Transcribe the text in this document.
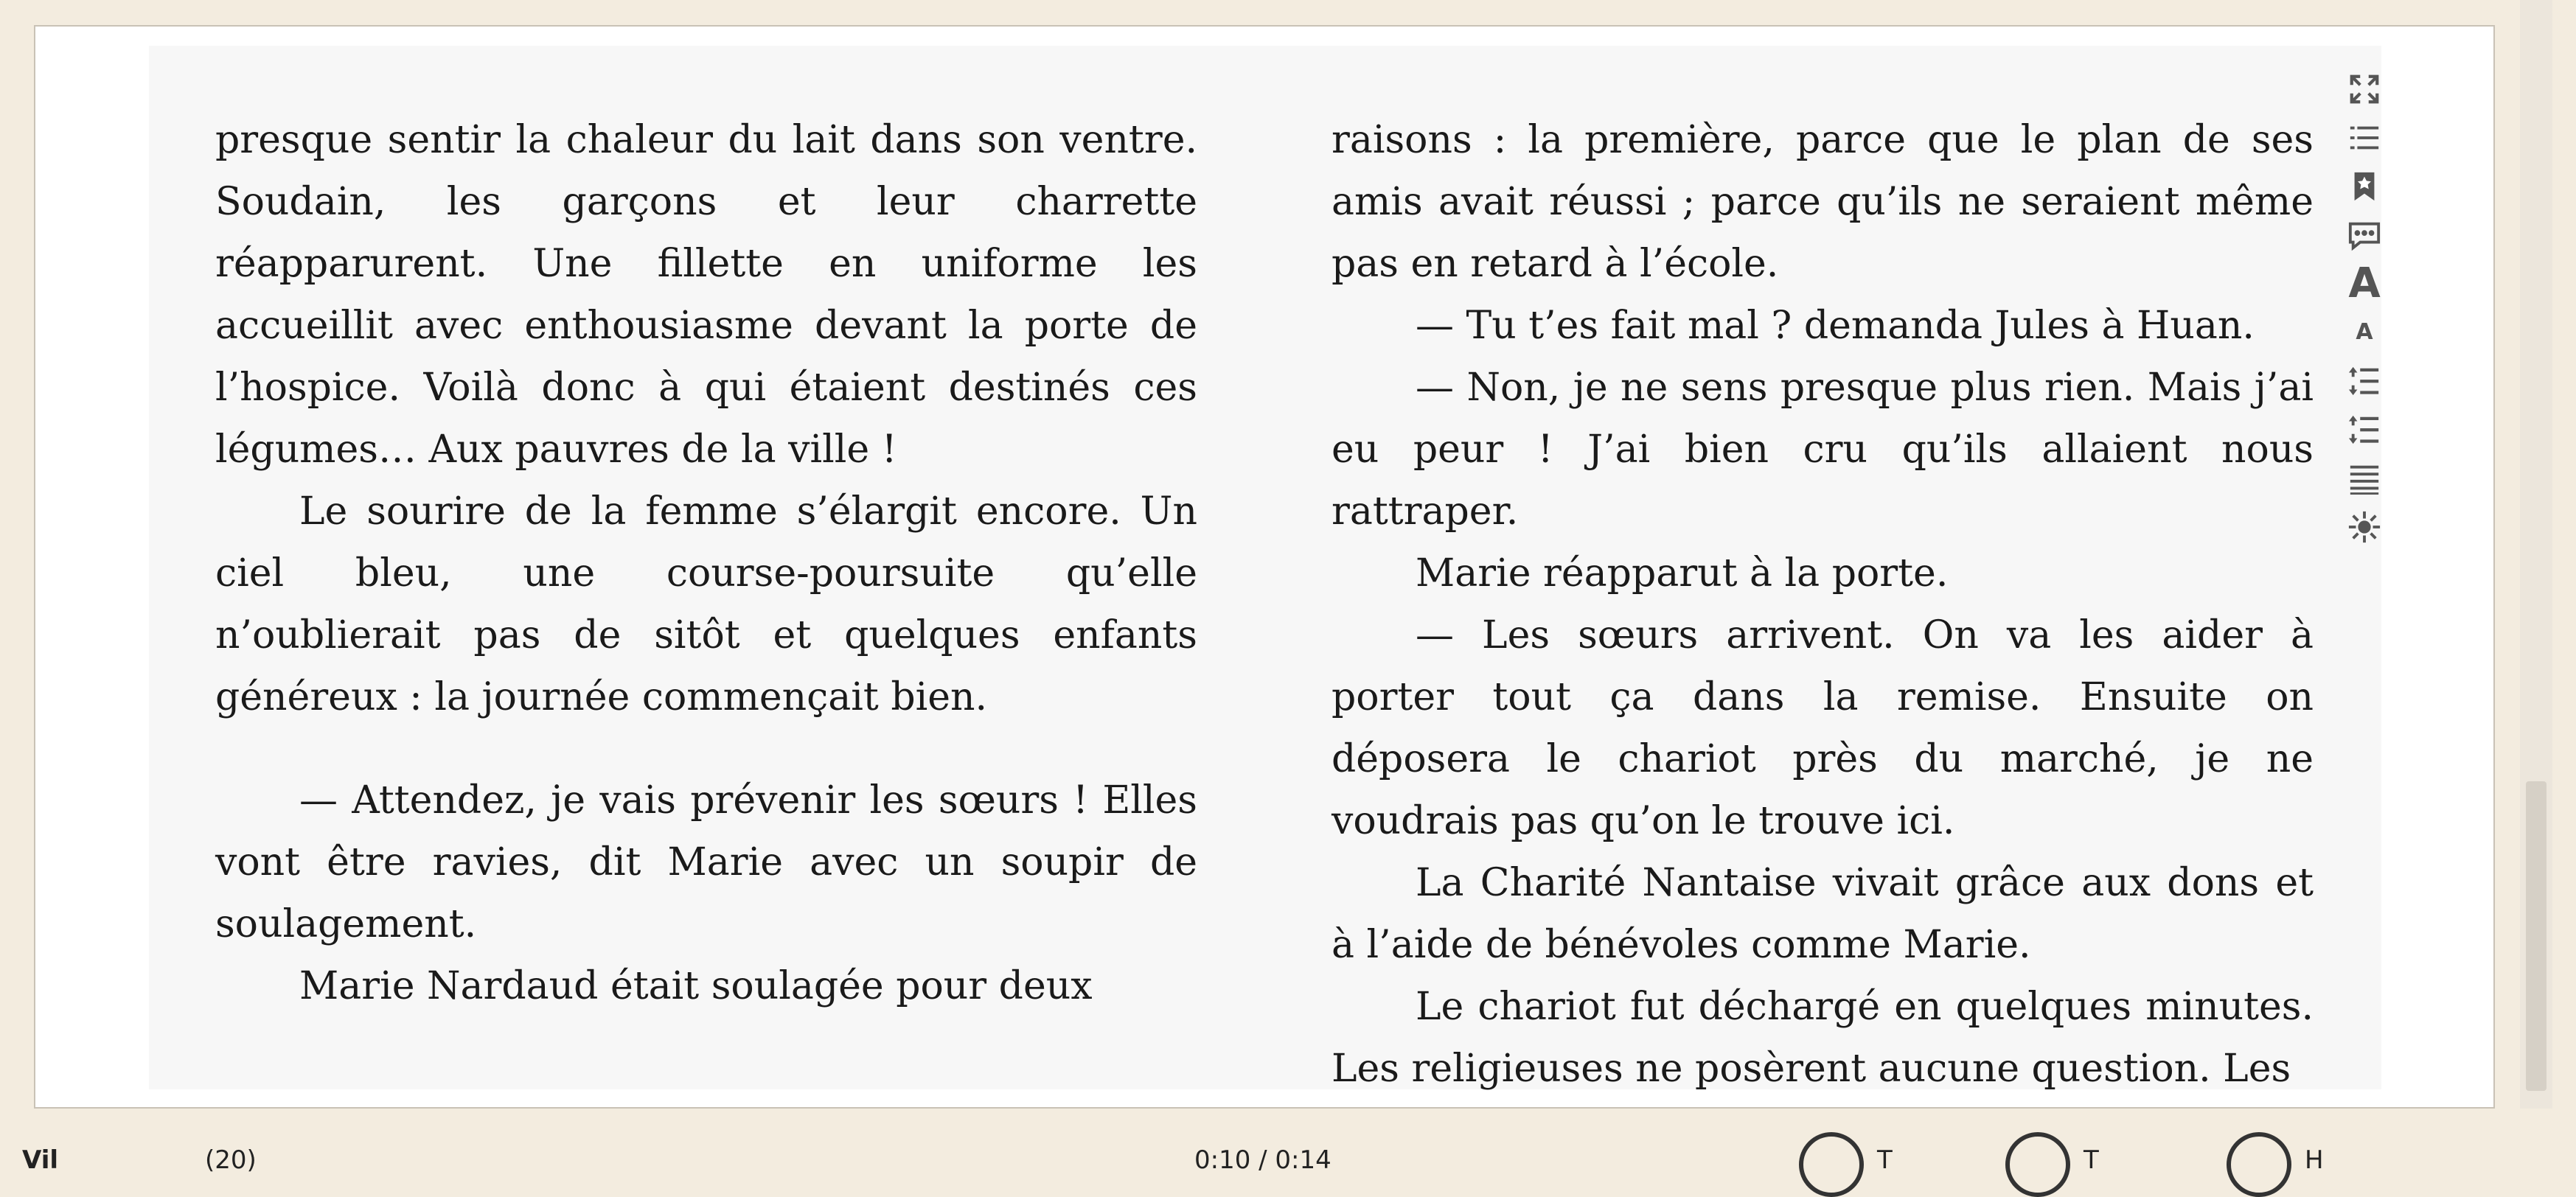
presque sentir la chaleur du lait dans son ventre. Soudain, les garçons et leur charrette réapparurent. Une fillette en uniforme les accueillit avec enthousiasme devant la porte de l’hospice. Voilà donc à qui étaient destinés ces légumes… Aux pauvres de la ville !

Le sourire de la femme s’élargit encore. Un ciel bleu, une course-poursuite qu’elle n’oublierait pas de sitôt et quelques enfants généreux : la journée commençait bien.

— Attendez, je vais prévenir les sœurs ! Elles vont être ravies, dit Marie avec un soupir de soulagement.

Marie Nardaud était soulagée pour deux

raisons : la première, parce que le plan de ses amis avait réussi ; parce qu’ils ne seraient même pas en retard à l’école.

— Tu t’es fait mal ? demanda Jules à Huan.

— Non, je ne sens presque plus rien. Mais j’ai eu peur ! J’ai bien cru qu’ils allaient nous rattraper.

Marie réapparut à la porte.

— Les sœurs arrivent. On va les aider à porter tout ça dans la remise. Ensuite on déposera le chariot près du marché, je ne voudrais pas qu’on le trouve ici.

La Charité Nantaise vivait grâce aux dons et à l’aide de bénévoles comme Marie.

Le chariot fut déchargé en quelques minutes. Les religieuses ne posèrent aucune question. Les

A
A
Vil	(20)	0:10 / 0:14	T	T	H
